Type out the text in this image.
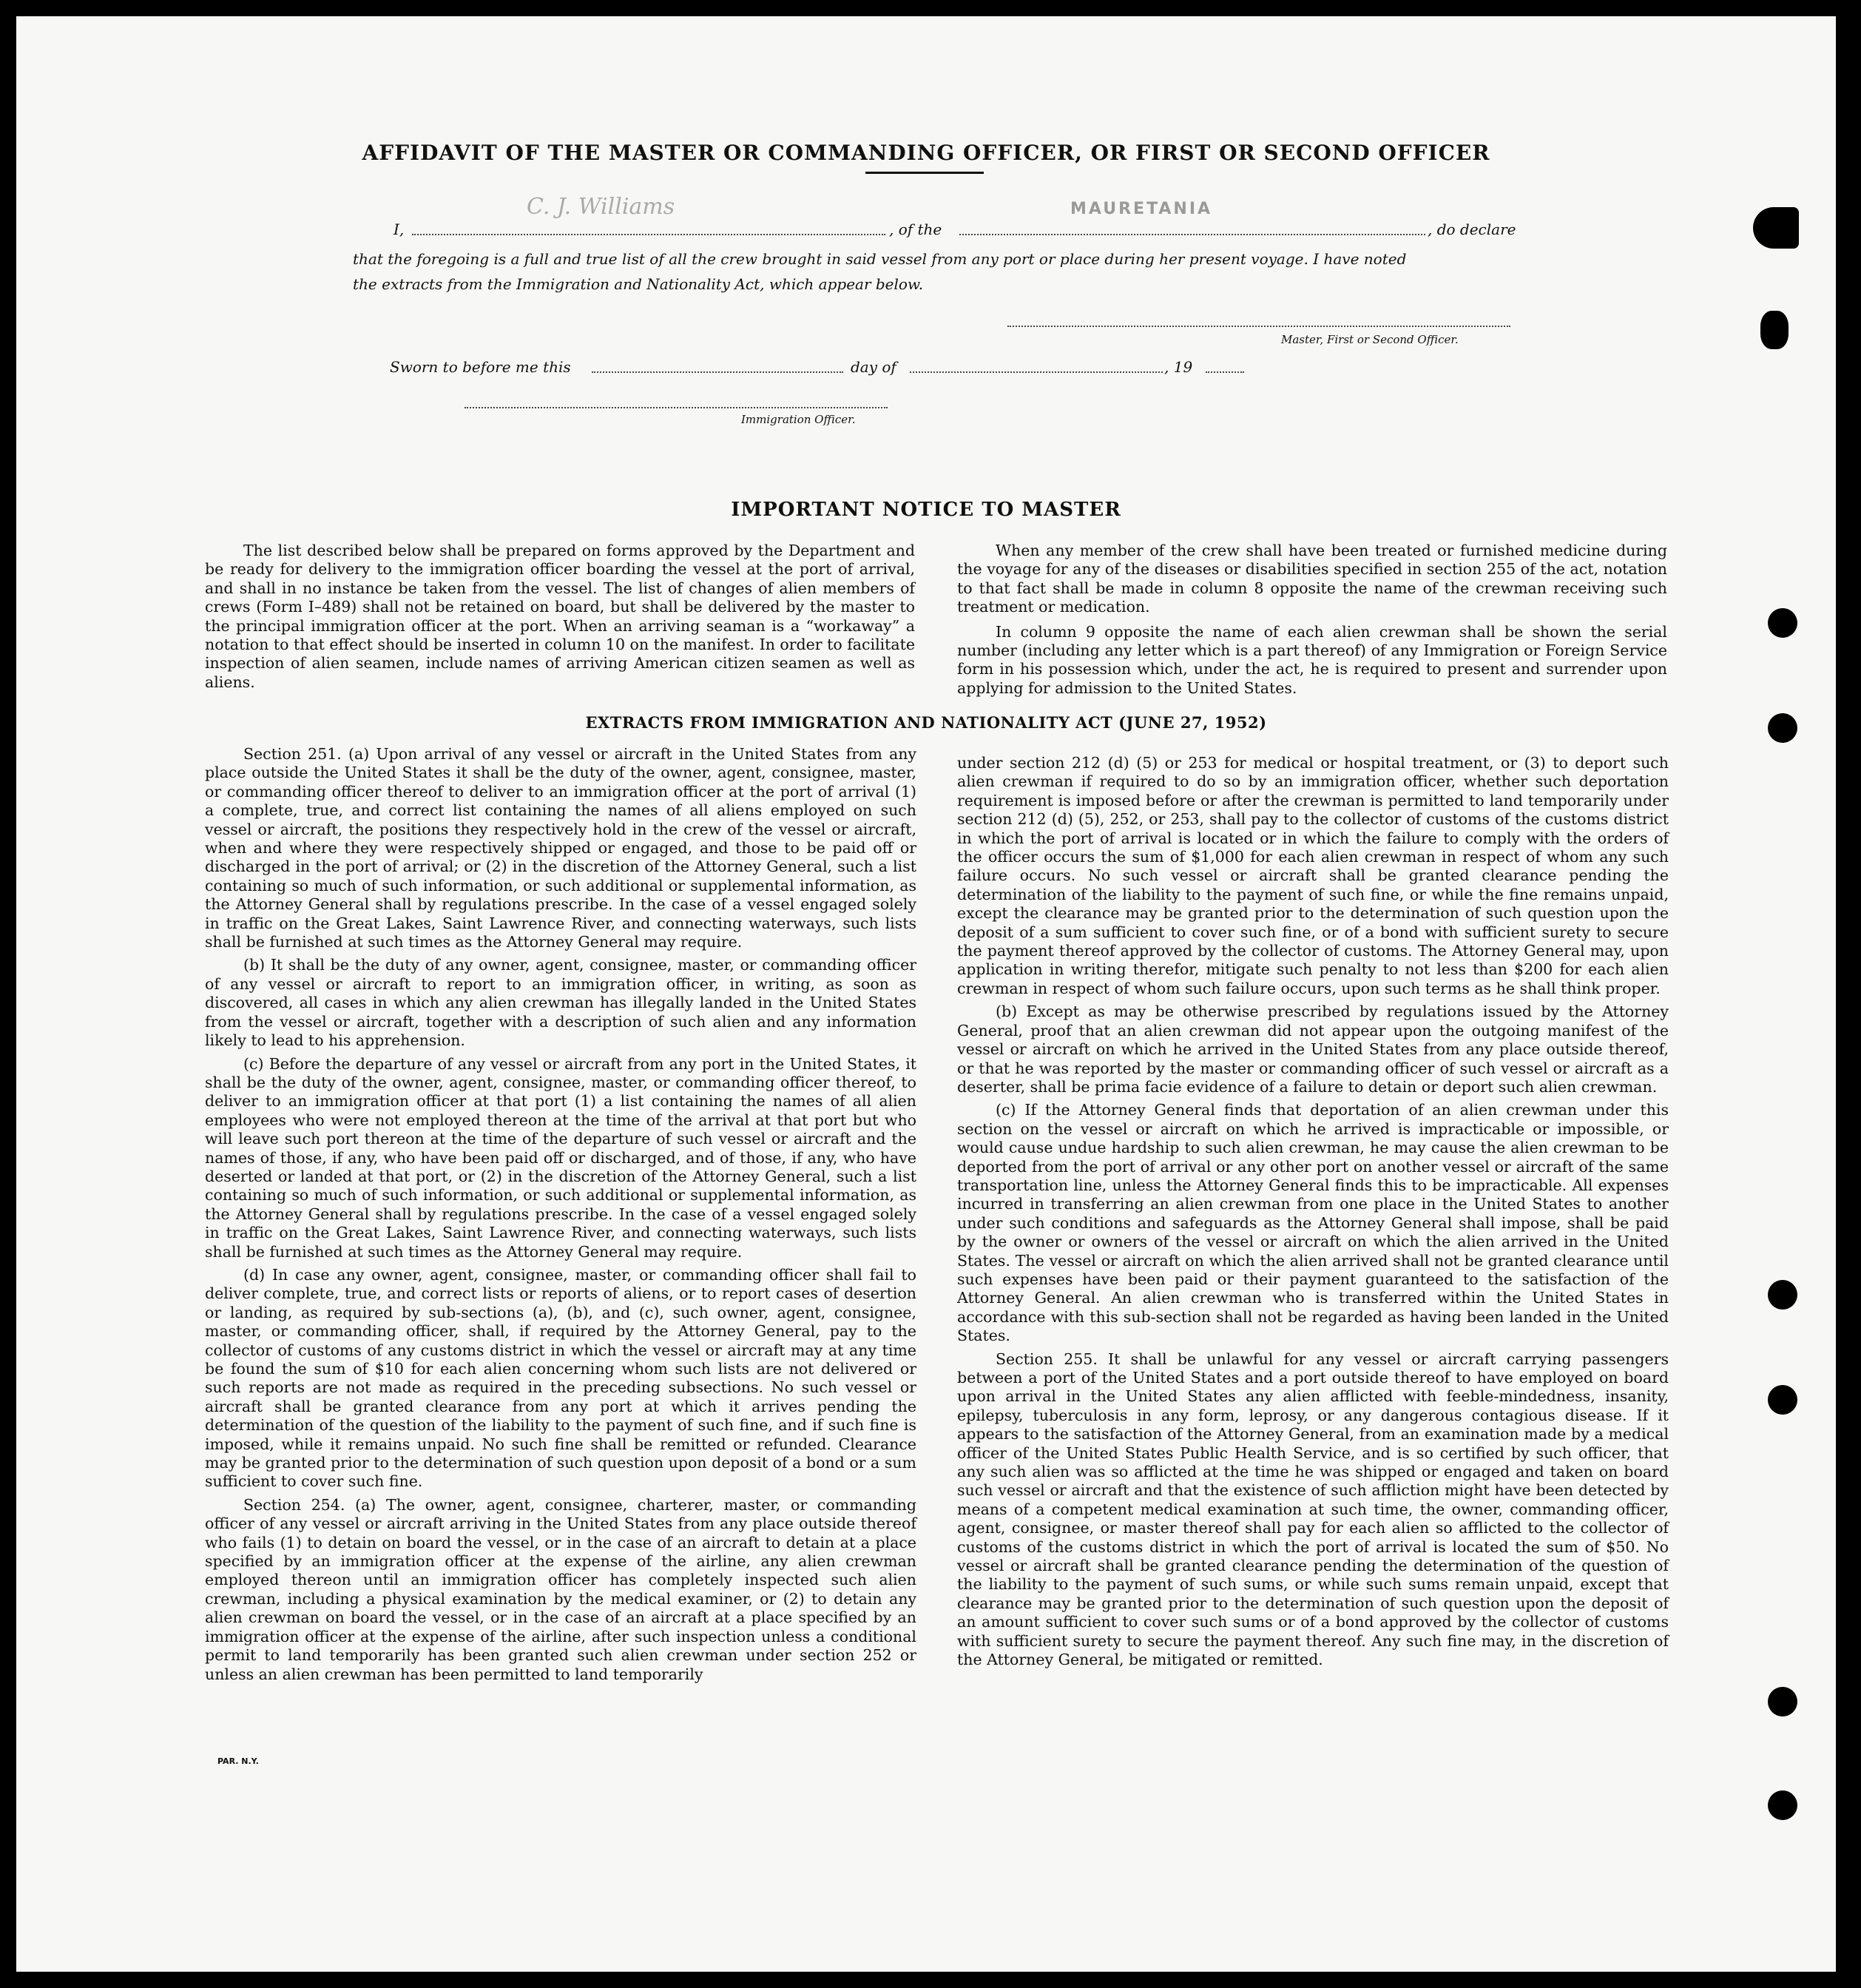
AFFIDAVIT OF THE MASTER OR COMMANDING OFFICER, OR FIRST OR SECOND OFFICER
I,
C. J. Williams
, of the
MAURETANIA
, do declare
that the foregoing is a full and true list of all the crew brought in said vessel from any port or place during her present voyage. I have noted
the extracts from the Immigration and Nationality Act, which appear below.
Master, First or Second Officer.
Sworn to before me this	day of	, 19
Immigration Officer.
IMPORTANT NOTICE TO MASTER

The list described below shall be prepared on forms approved by the Department and be ready for delivery to the immigration officer boarding the vessel at the port of arrival, and shall in no instance be taken from the vessel. The list of changes of alien members of crews (Form I–489) shall not be retained on board, but shall be delivered by the master to the principal immigration officer at the port. When an arriving seaman is a “workaway” a notation to that effect should be inserted in column 10 on the manifest. In order to facilitate inspection of alien seamen, include names of arriving American citizen seamen as well as aliens.

When any member of the crew shall have been treated or furnished medicine during the voyage for any of the diseases or disabilities specified in section 255 of the act, notation to that fact shall be made in column 8 opposite the name of the crewman receiving such treatment or medication.

In column 9 opposite the name of each alien crewman shall be shown the serial number (including any letter which is a part thereof) of any Immigration or Foreign Service form in his possession which, under the act, he is required to present and surrender upon applying for admission to the United States.

EXTRACTS FROM IMMIGRATION AND NATIONALITY ACT (JUNE 27, 1952)

Section 251. (a) Upon arrival of any vessel or aircraft in the United States from any place outside the United States it shall be the duty of the owner, agent, consignee, master, or commanding officer thereof to deliver to an immigration officer at the port of arrival (1) a complete, true, and correct list containing the names of all aliens employed on such vessel or aircraft, the positions they respectively hold in the crew of the vessel or aircraft, when and where they were respectively shipped or engaged, and those to be paid off or discharged in the port of arrival; or (2) in the discretion of the Attorney General, such a list containing so much of such information, or such additional or supplemental information, as the Attorney General shall by regulations prescribe. In the case of a vessel engaged solely in traffic on the Great Lakes, Saint Lawrence River, and connecting waterways, such lists shall be furnished at such times as the Attorney General may require.

(b) It shall be the duty of any owner, agent, consignee, master, or commanding officer of any vessel or aircraft to report to an immigration officer, in writing, as soon as discovered, all cases in which any alien crewman has illegally landed in the United States from the vessel or aircraft, together with a description of such alien and any information likely to lead to his apprehension.

(c) Before the departure of any vessel or aircraft from any port in the United States, it shall be the duty of the owner, agent, consignee, master, or commanding officer thereof, to deliver to an immigration officer at that port (1) a list containing the names of all alien employees who were not employed thereon at the time of the arrival at that port but who will leave such port thereon at the time of the departure of such vessel or aircraft and the names of those, if any, who have been paid off or discharged, and of those, if any, who have deserted or landed at that port, or (2) in the discretion of the Attorney General, such a list containing so much of such information, or such additional or supplemental information, as the Attorney General shall by regulations prescribe. In the case of a vessel engaged solely in traffic on the Great Lakes, Saint Lawrence River, and connecting waterways, such lists shall be furnished at such times as the Attorney General may require.

(d) In case any owner, agent, consignee, master, or commanding officer shall fail to deliver complete, true, and correct lists or reports of aliens, or to report cases of desertion or landing, as required by sub-sections (a), (b), and (c), such owner, agent, consignee, master, or commanding officer, shall, if required by the Attorney General, pay to the collector of customs of any customs district in which the vessel or aircraft may at any time be found the sum of $10 for each alien concerning whom such lists are not delivered or such reports are not made as required in the preceding subsections. No such vessel or aircraft shall be granted clearance from any port at which it arrives pending the determination of the question of the liability to the payment of such fine, and if such fine is imposed, while it remains unpaid. No such fine shall be remitted or refunded. Clearance may be granted prior to the determination of such question upon deposit of a bond or a sum sufficient to cover such fine.

Section 254. (a) The owner, agent, consignee, charterer, master, or commanding officer of any vessel or aircraft arriving in the United States from any place outside thereof who fails (1) to detain on board the vessel, or in the case of an aircraft to detain at a place specified by an immigration officer at the expense of the airline, any alien crewman employed thereon until an immigration officer has completely inspected such alien crewman, including a physical examination by the medical examiner, or (2) to detain any alien crewman on board the vessel, or in the case of an aircraft at a place specified by an immigration officer at the expense of the airline, after such inspection unless a conditional permit to land temporarily has been granted such alien crewman under section 252 or unless an alien crewman has been permitted to land temporarily

under section 212 (d) (5) or 253 for medical or hospital treatment, or (3) to deport such alien crewman if required to do so by an immigration officer, whether such deportation requirement is imposed before or after the crewman is permitted to land temporarily under section 212 (d) (5), 252, or 253, shall pay to the collector of customs of the customs district in which the port of arrival is located or in which the failure to comply with the orders of the officer occurs the sum of $1,000 for each alien crewman in respect of whom any such failure occurs. No such vessel or aircraft shall be granted clearance pending the determination of the liability to the payment of such fine, or while the fine remains unpaid, except the clearance may be granted prior to the determination of such question upon the deposit of a sum sufficient to cover such fine, or of a bond with sufficient surety to secure the payment thereof approved by the collector of customs. The Attorney General may, upon application in writing therefor, mitigate such penalty to not less than $200 for each alien crewman in respect of whom such failure occurs, upon such terms as he shall think proper.

(b) Except as may be otherwise prescribed by regulations issued by the Attorney General, proof that an alien crewman did not appear upon the outgoing manifest of the vessel or aircraft on which he arrived in the United States from any place outside thereof, or that he was reported by the master or commanding officer of such vessel or aircraft as a deserter, shall be prima facie evidence of a failure to detain or deport such alien crewman.

(c) If the Attorney General finds that deportation of an alien crewman under this section on the vessel or aircraft on which he arrived is impracticable or impossible, or would cause undue hardship to such alien crewman, he may cause the alien crewman to be deported from the port of arrival or any other port on another vessel or aircraft of the same transportation line, unless the Attorney General finds this to be impracticable. All expenses incurred in transferring an alien crewman from one place in the United States to another under such conditions and safeguards as the Attorney General shall impose, shall be paid by the owner or owners of the vessel or aircraft on which the alien arrived in the United States. The vessel or aircraft on which the alien arrived shall not be granted clearance until such expenses have been paid or their payment guaranteed to the satisfaction of the Attorney General. An alien crewman who is transferred within the United States in accordance with this sub-section shall not be regarded as having been landed in the United States.

Section 255. It shall be unlawful for any vessel or aircraft carrying passengers between a port of the United States and a port outside thereof to have employed on board upon arrival in the United States any alien afflicted with feeble-mindedness, insanity, epilepsy, tuberculosis in any form, leprosy, or any dangerous contagious disease. If it appears to the satisfaction of the Attorney General, from an examination made by a medical officer of the United States Public Health Service, and is so certified by such officer, that any such alien was so afflicted at the time he was shipped or engaged and taken on board such vessel or aircraft and that the existence of such affliction might have been detected by means of a competent medical examination at such time, the owner, commanding officer, agent, consignee, or master thereof shall pay for each alien so afflicted to the collector of customs of the customs district in which the port of arrival is located the sum of $50. No vessel or aircraft shall be granted clearance pending the determination of the question of the liability to the payment of such sums, or while such sums remain unpaid, except that clearance may be granted prior to the determination of such question upon the deposit of an amount sufficient to cover such sums or of a bond approved by the collector of customs with sufficient surety to secure the payment thereof. Any such fine may, in the discretion of the Attorney General, be mitigated or remitted.

PAR. N.Y.
